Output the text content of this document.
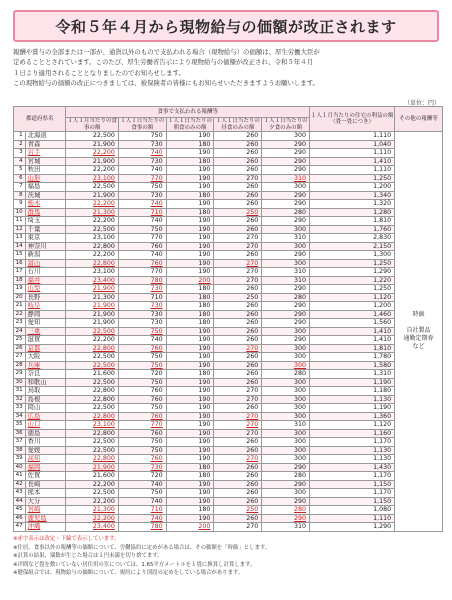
令和５年４月から現物給与の価額が改正されます

報酬や賞与の全部または一部が、通貨以外のもので支払われる場合（現物給与）の価額は、厚生労働大臣が

定めることとされています。このたび、厚生労働省告示により現物給与の価額が改正され、令和５年４月

１日より適用されることとなりましたのでお知らせします。

この現物給与の価額の改正につきましては、被保険者の皆様にもお知らせいただきますようお願いします。

（単位：円）
都道府県名		食事で支払われる報酬等					１人１月当たりの住宅の利益の額（畳一畳につき）	その他の報酬等
		１人１月当たりの食事の額	１人１日当たりの食事の額	１人１日当たりの朝食のみの額	１人１日当たりの昼食のみの額	１人１日当たりの夕食のみの額		
1	北海道	22,500	750	190	260	300	1,110	時価
自社製品
通勤定期券
など

2	青森	21,900	730	180	260	290	1,040	
3	岩手	22,200	740	190	260	290	1,110	
4	宮城	21,900	730	180	260	290	1,410	
5	秋田	22,200	740	190	260	290	1,110	
6	山形	23,100	770	190	270	310	1,250	
7	福島	22,500	750	190	260	300	1,200	
8	茨城	21,900	730	180	260	290	1,340	
9	栃木	22,200	740	190	260	290	1,320	
10	群馬	21,300	710	180	250	280	1,280	
11	埼玉	22,200	740	190	260	290	1,810	
12	千葉	22,500	750	190	260	300	1,760	
13	東京	23,100	770	190	270	310	2,830	
14	神奈川	22,800	760	190	270	300	2,150	
15	新潟	22,200	740	190	260	290	1,300	
16	富山	22,800	760	190	270	300	1,250	
17	石川	23,100	770	190	270	310	1,290	
18	福井	23,400	780	200	270	310	1,220	
19	山梨	21,900	730	180	260	290	1,250	
20	長野	21,300	710	180	250	280	1,120	
21	岐阜	21,900	730	180	260	290	1,200	
22	静岡	21,900	730	180	260	290	1,460	
23	愛知	21,900	730	180	260	290	1,560	
24	三重	22,500	750	190	260	300	1,410	
25	滋賀	22,200	740	190	260	290	1,410	
26	京都	22,800	760	190	270	300	1,810	
27	大阪	22,500	750	190	260	300	1,780	
28	兵庫	22,500	750	190	260	300	1,580	
29	奈良	21,600	720	180	260	280	1,310	
30	和歌山	22,500	750	190	260	300	1,190	
31	鳥取	22,800	760	190	270	300	1,180	
32	島根	22,800	760	190	270	300	1,130	
33	岡山	22,500	750	190	260	300	1,190	
34	広島	22,800	760	190	270	300	1,360	
35	山口	23,100	770	190	270	310	1,120	
36	徳島	22,800	760	190	270	300	1,160	
37	香川	22,500	750	190	260	300	1,170	
38	愛媛	22,500	750	190	260	300	1,130	
39	高知	22,800	760	190	270	300	1,130	
40	福岡	21,900	730	180	260	290	1,430	
41	佐賀	21,600	720	180	260	280	1,170	
42	長崎	22,200	740	190	260	290	1,150	
43	熊本	22,500	750	190	260	300	1,170	
44	大分	22,200	740	190	260	290	1,150	
45	宮崎	21,300	710	180	250	280	1,080	
46	鹿児島	22,200	740	190	260	290	1,110	
47	沖縄	23,400	780	200	270	310	1,290	

※赤字表示は改定・下線で表示しています。

※住居、食事以外の報酬等の価額について、労働協約に定めがある場合は、その価額を「時価」とします。

※計算の結果、端数が生じた場合は１円未満を切り捨てます。

※洋間など畳を敷いていない居住用の室については、1.65平方メートルを１畳に換算し計算します。

※健保組合では、現物給与の価額について、規約により別段の定めをしている場合があります。
